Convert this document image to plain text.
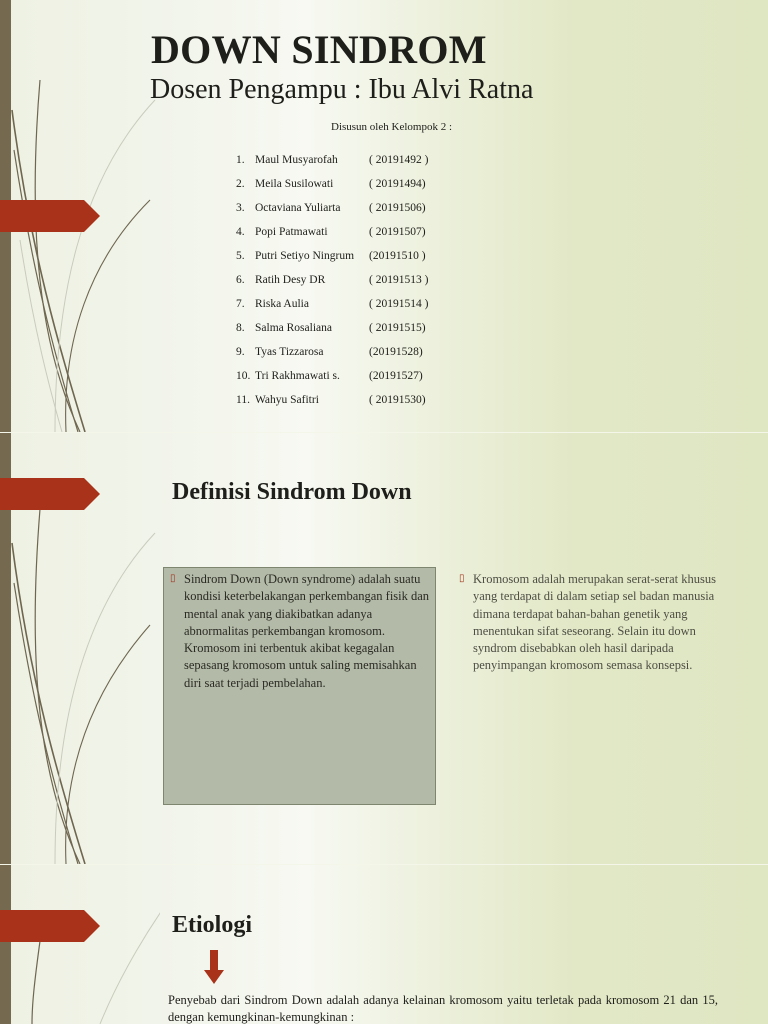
DOWN SINDROM
Dosen Pengampu : Ibu Alvi Ratna
Disusun oleh Kelompok 2 :
1. Maul Musyarofah	( 20191492 )
2. Meila Susilowati	( 20191494)
3. Octaviana Yuliarta	( 20191506)
4. Popi Patmawati	( 20191507)
5. Putri Setiyo Ningrum	(20191510 )
6. Ratih Desy DR	( 20191513 )
7. Riska Aulia	( 20191514 )
8. Salma Rosaliana	( 20191515)
9. Tyas Tizzarosa	(20191528)
10. Tri Rakhmawati s.	(20191527)
11. Wahyu Safitri	( 20191530)
Definisi Sindrom Down
▯ Sindrom Down (Down syndrome) adalah suatu kondisi keterbelakangan perkembangan fisik dan mental anak yang diakibatkan adanya abnormalitas perkembangan kromosom. Kromosom ini terbentuk akibat kegagalan sepasang kromosom untuk saling memisahkan diri saat terjadi pembelahan.
▯ Kromosom adalah merupakan serat-serat khusus yang terdapat di dalam setiap sel badan manusia dimana terdapat bahan-bahan genetik yang menentukan sifat seseorang. Selain itu down syndrom disebabkan oleh hasil daripada penyimpangan kromosom semasa konsepsi.
Etiologi
Penyebab dari Sindrom Down adalah adanya kelainan kromosom yaitu terletak pada kromosom 21 dan 15, dengan kemungkinan-kemungkinan :
